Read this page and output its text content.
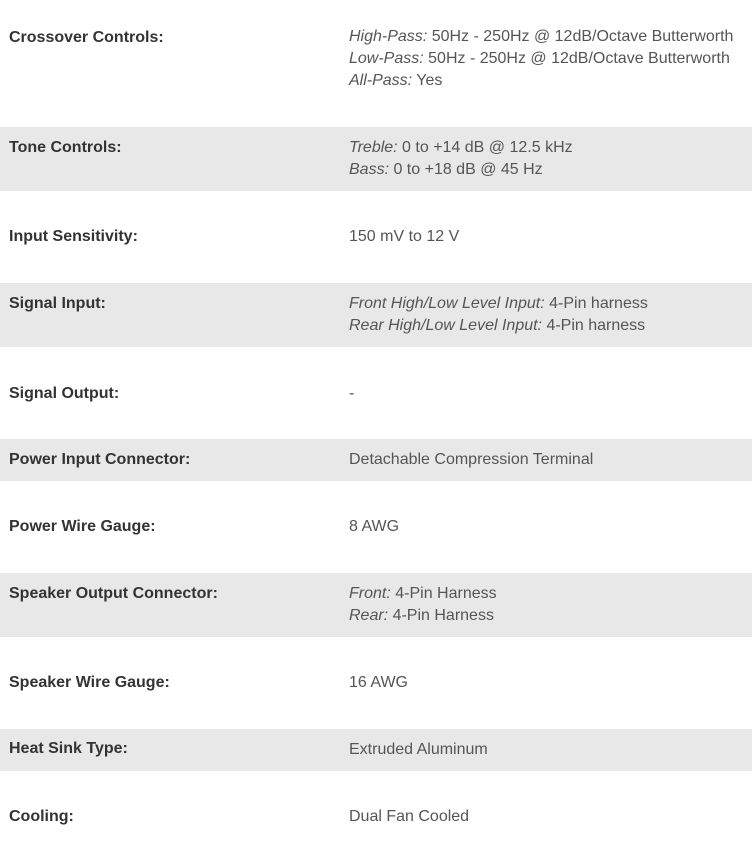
Crossover Controls:	High-Pass: 50Hz - 250Hz @ 12dB/Octave Butterworth
Low-Pass: 50Hz - 250Hz @ 12dB/Octave Butterworth
All-Pass: Yes
Tone Controls:	Treble: 0 to +14 dB @ 12.5 kHz
Bass: 0 to +18 dB @ 45 Hz
Input Sensitivity:	150 mV to 12 V
Signal Input:	Front High/Low Level Input: 4-Pin harness
Rear High/Low Level Input: 4-Pin harness
Signal Output:	-
Power Input Connector:	Detachable Compression Terminal
Power Wire Gauge:	8 AWG
Speaker Output Connector:	Front: 4-Pin Harness
Rear: 4-Pin Harness
Speaker Wire Gauge:	16 AWG
Heat Sink Type:	Extruded Aluminum
Cooling:	Dual Fan Cooled
